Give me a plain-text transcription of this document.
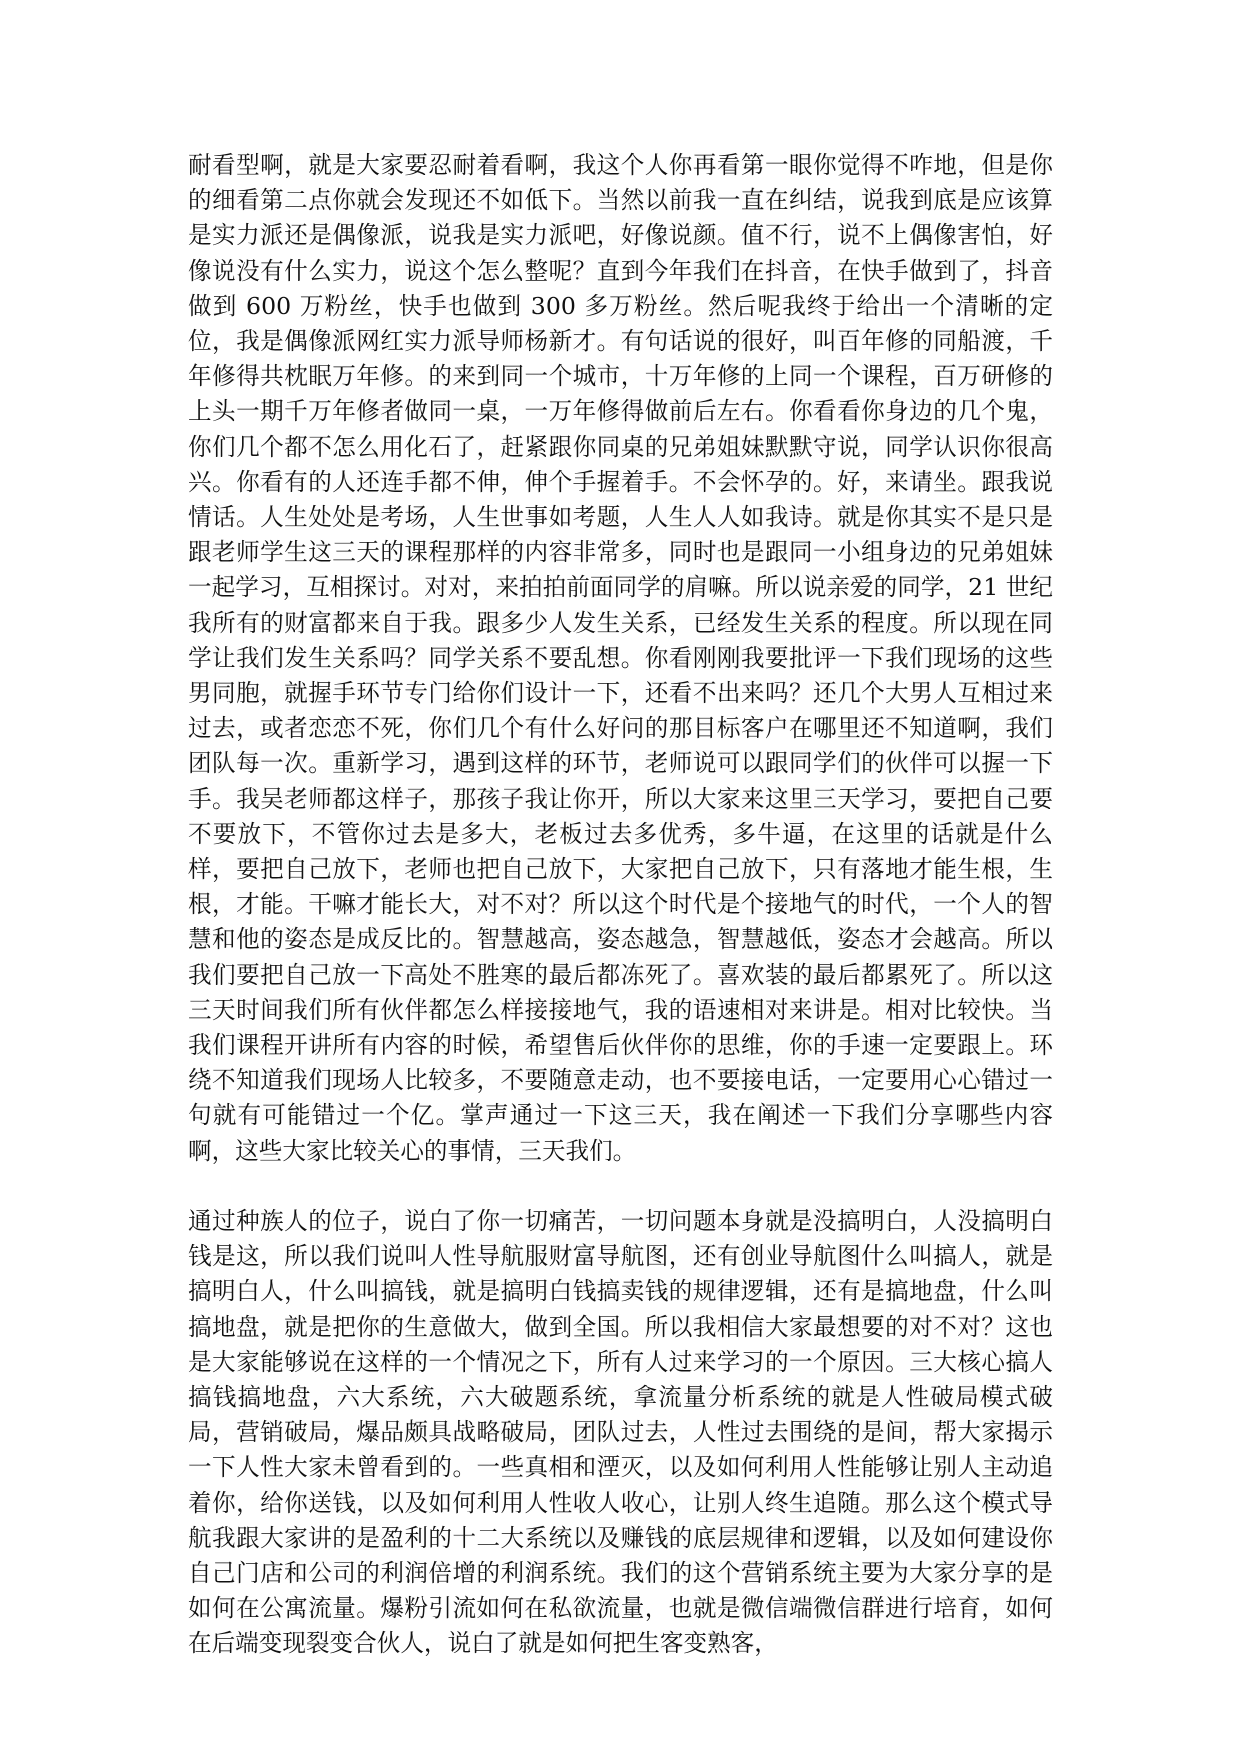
耐看型啊，就是大家要忍耐着看啊，我这个人你再看第一眼你觉得不咋地，但是你的细看第二点你就会发现还不如低下。当然以前我一直在纠结，说我到底是应该算是实力派还是偶像派，说我是实力派吧，好像说颜。值不行，说不上偶像害怕，好像说没有什么实力，说这个怎么整呢？直到今年我们在抖音，在快手做到了，抖音做到 600 万粉丝，快手也做到 300 多万粉丝。然后呢我终于给出一个清晰的定位，我是偶像派网红实力派导师杨新才。有句话说的很好，叫百年修的同船渡，千年修得共枕眠万年修。的来到同一个城市，十万年修的上同一个课程，百万研修的上头一期千万年修者做同一桌，一万年修得做前后左右。你看看你身边的几个鬼，你们几个都不怎么用化石了，赶紧跟你同桌的兄弟姐妹默默守说，同学认识你很高兴。你看有的人还连手都不伸，伸个手握着手。不会怀孕的。好，来请坐。跟我说情话。人生处处是考场，人生世事如考题，人生人人如我诗。就是你其实不是只是跟老师学生这三天的课程那样的内容非常多，同时也是跟同一小组身边的兄弟姐妹一起学习，互相探讨。对对，来拍拍前面同学的肩嘛。所以说亲爱的同学，21 世纪我所有的财富都来自于我。跟多少人发生关系，已经发生关系的程度。所以现在同学让我们发生关系吗？同学关系不要乱想。你看刚刚我要批评一下我们现场的这些男同胞，就握手环节专门给你们设计一下，还看不出来吗？还几个大男人互相过来过去，或者恋恋不死，你们几个有什么好问的那目标客户在哪里还不知道啊，我们团队每一次。重新学习，遇到这样的环节，老师说可以跟同学们的伙伴可以握一下手。我吴老师都这样子，那孩子我让你开，所以大家来这里三天学习，要把自己要不要放下，不管你过去是多大，老板过去多优秀，多牛逼，在这里的话就是什么样，要把自己放下，老师也把自己放下，大家把自己放下，只有落地才能生根，生根，才能。干嘛才能长大，对不对？所以这个时代是个接地气的时代，一个人的智慧和他的姿态是成反比的。智慧越高，姿态越急，智慧越低，姿态才会越高。所以我们要把自己放一下高处不胜寒的最后都冻死了。喜欢装的最后都累死了。所以这三天时间我们所有伙伴都怎么样接接地气，我的语速相对来讲是。相对比较快。当我们课程开讲所有内容的时候，希望售后伙伴你的思维，你的手速一定要跟上。环绕不知道我们现场人比较多，不要随意走动，也不要接电话，一定要用心心错过一句就有可能错过一个亿。掌声通过一下这三天，我在阐述一下我们分享哪些内容啊，这些大家比较关心的事情，三天我们。

通过种族人的位子，说白了你一切痛苦，一切问题本身就是没搞明白，人没搞明白钱是这，所以我们说叫人性导航服财富导航图，还有创业导航图什么叫搞人，就是搞明白人，什么叫搞钱，就是搞明白钱搞卖钱的规律逻辑，还有是搞地盘，什么叫搞地盘，就是把你的生意做大，做到全国。所以我相信大家最想要的对不对？这也是大家能够说在这样的一个情况之下，所有人过来学习的一个原因。三大核心搞人搞钱搞地盘，六大系统，六大破题系统，拿流量分析系统的就是人性破局模式破局，营销破局，爆品颇具战略破局，团队过去，人性过去围绕的是间，帮大家揭示一下人性大家未曾看到的。一些真相和湮灭，以及如何利用人性能够让别人主动追着你，给你送钱，以及如何利用人性收人收心，让别人终生追随。那么这个模式导航我跟大家讲的是盈利的十二大系统以及赚钱的底层规律和逻辑，以及如何建设你自己门店和公司的利润倍增的利润系统。我们的这个营销系统主要为大家分享的是如何在公寓流量。爆粉引流如何在私欲流量，也就是微信端微信群进行培育，如何在后端变现裂变合伙人，说白了就是如何把生客变熟客，
